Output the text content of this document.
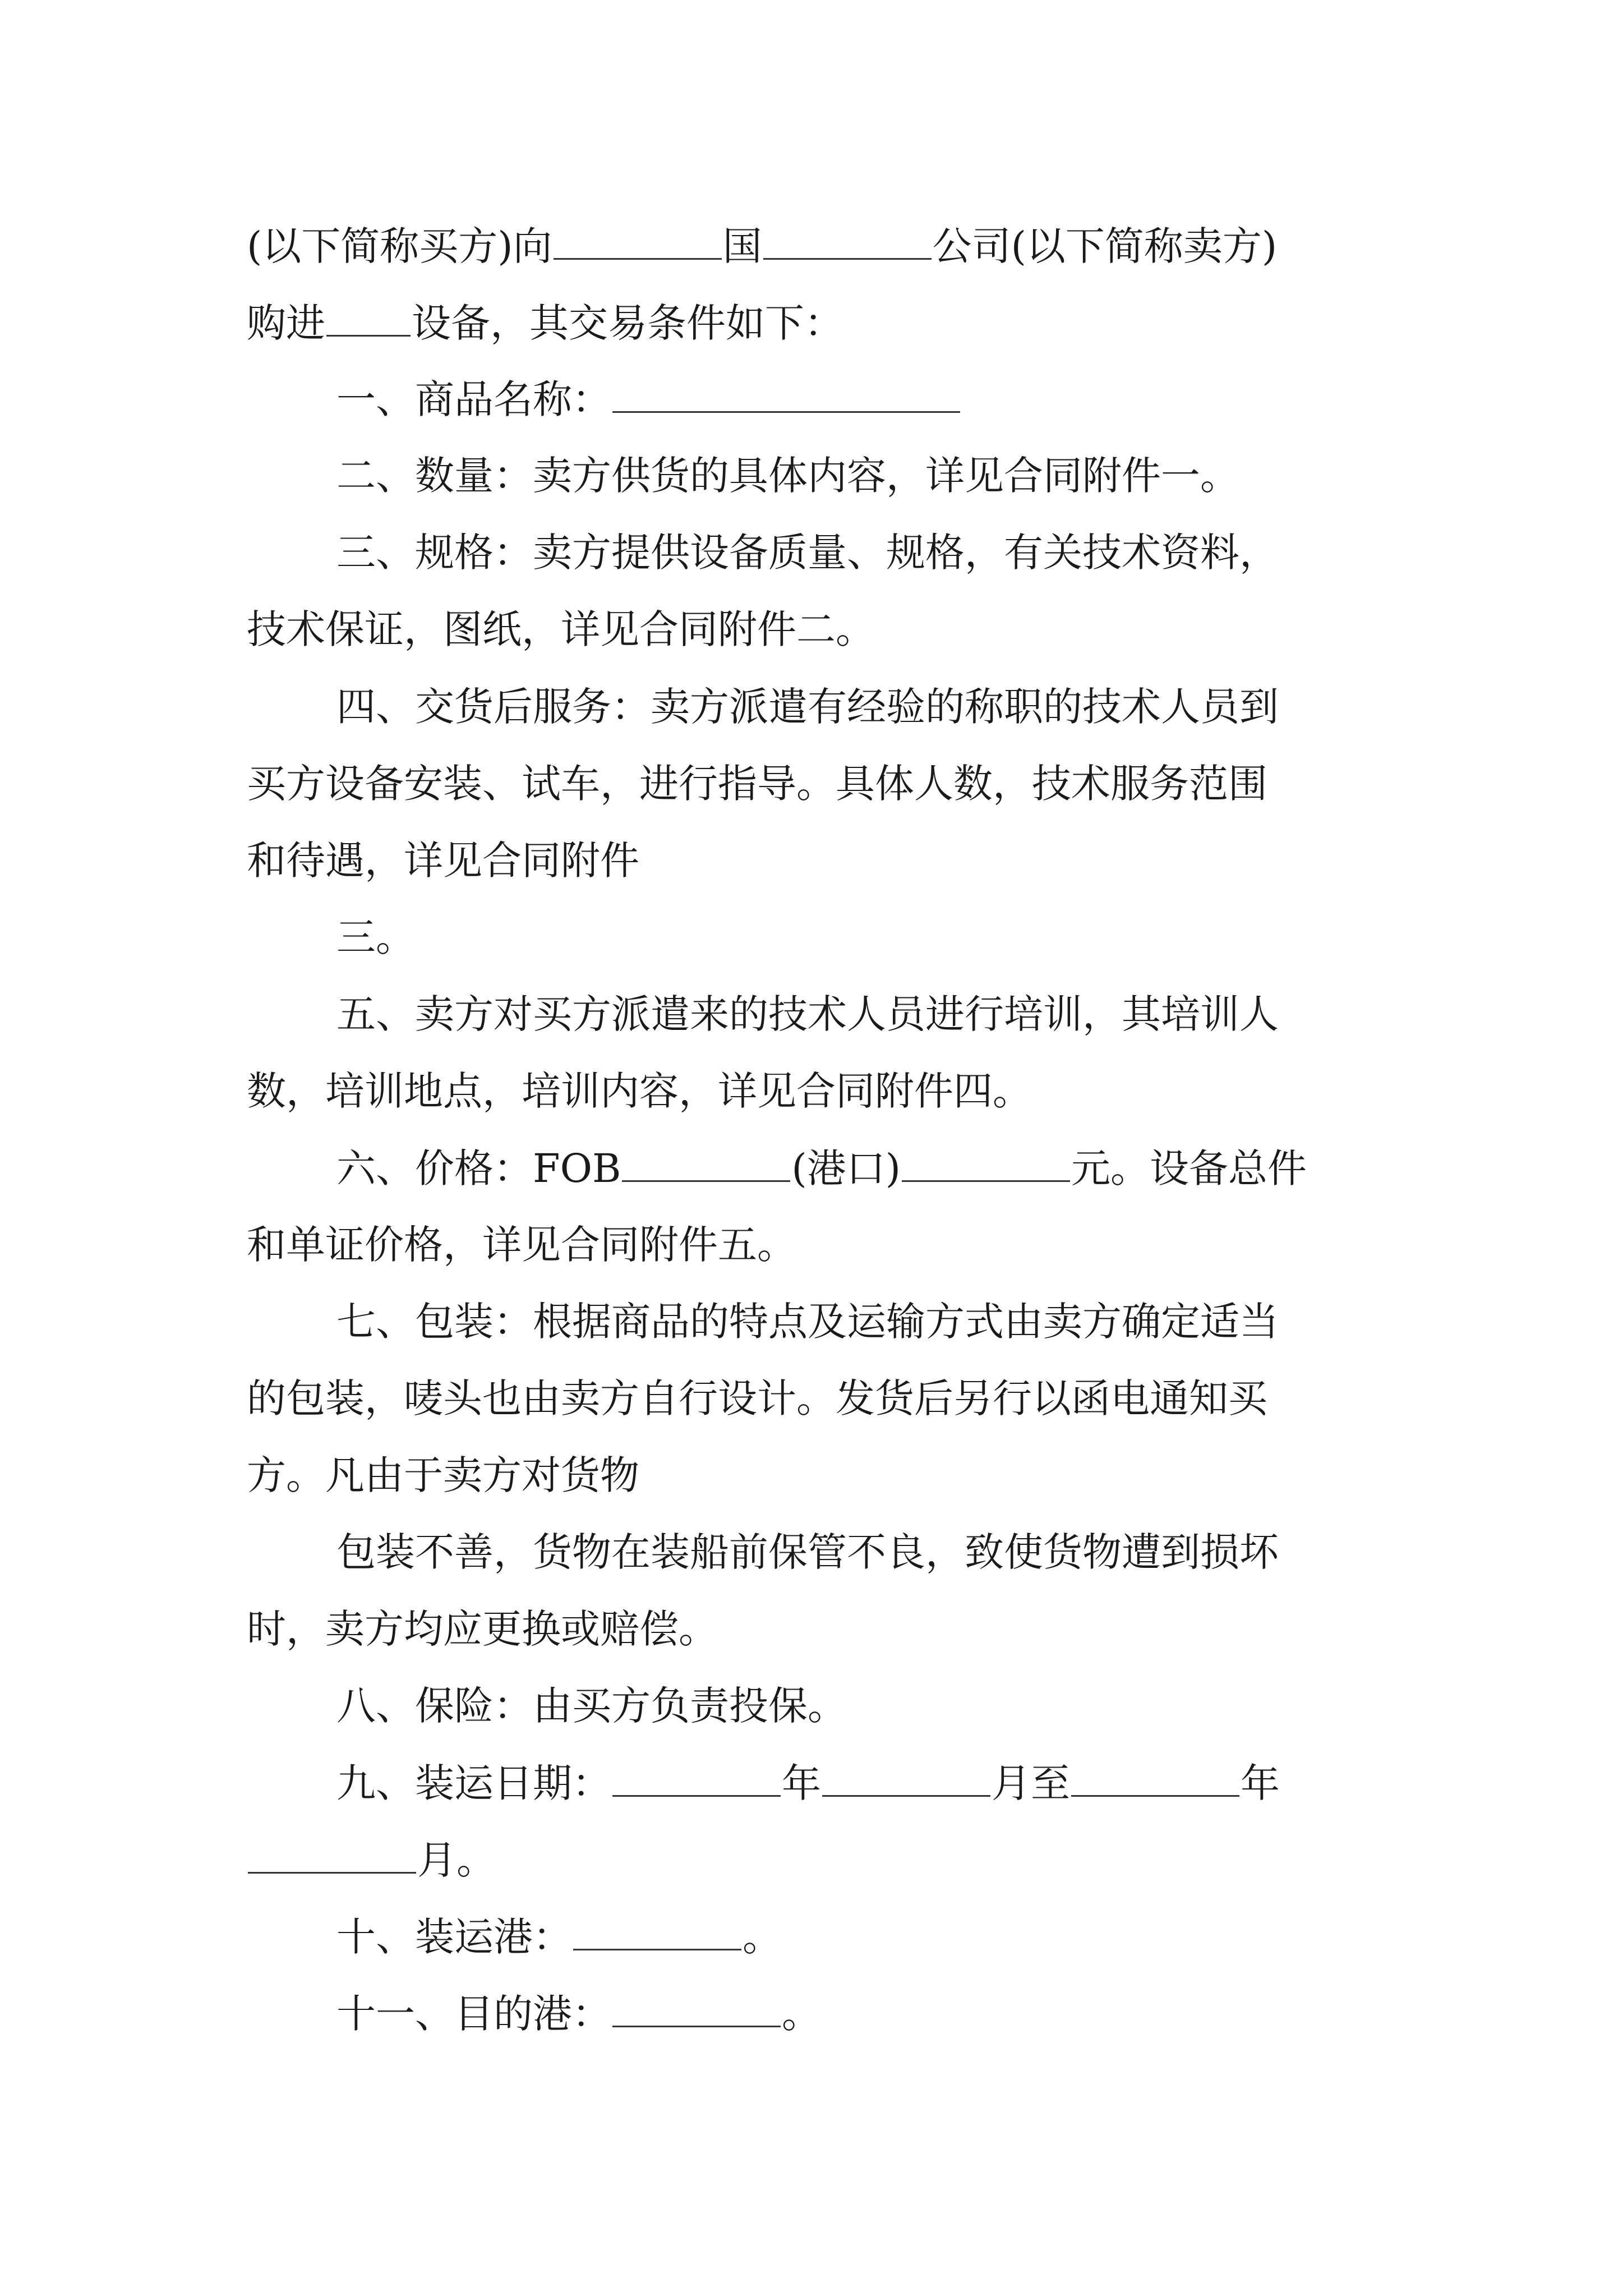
(以下简称买方)向	国	公司(以下简称卖方)
购进 设备，其交易条件如下：
一、商品名称：
二、数量：卖方供货的具体内容，详见合同附件一。
三、规格：卖方提供设备质量、规格，有关技术资料，
技术保证，图纸，详见合同附件二。
四、交货后服务：卖方派遣有经验的称职的技术人员到
买方设备安装、试车，进行指导。具体人数，技术服务范围
和待遇，详见合同附件
三。
五、卖方对买方派遣来的技术人员进行培训，其培训人
数，培训地点，培训内容，详见合同附件四。
六、价格：FOB	(港口)	元。设备总件
和单证价格，详见合同附件五。
七、包装：根据商品的特点及运输方式由卖方确定适当
的包装，唛头也由卖方自行设计。发货后另行以函电通知买
方。凡由于卖方对货物
包装不善，货物在装船前保管不良，致使货物遭到损坏
时，卖方均应更换或赔偿。
八、保险：由买方负责投保。
九、装运日期：	年	月至	年
月。
十、装运港：	。
十一、目的港：	。
